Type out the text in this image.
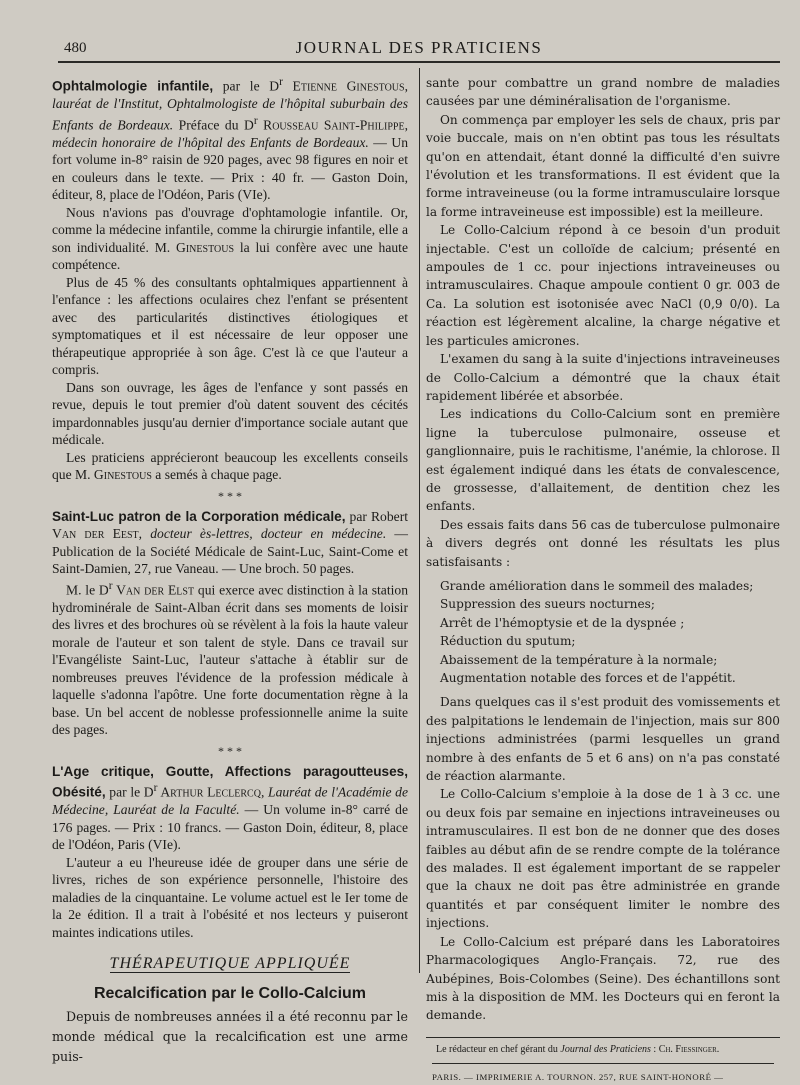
480	JOURNAL DES PRATICIENS

Ophtalmologie infantile, par le $D^r$ Etienne Ginestous, lauréat de l'Institut, Ophtalmologiste de l'hôpital suburbain des Enfants de Bordeaux. Préface du $D^r$ Rousseau Saint-Philippe, médecin honoraire de l'hôpital des Enfants de Bordeaux. — Un fort volume in-8° raisin de 920 pages, avec 98 figures en noir et en couleurs dans le texte. — Prix : 40 fr. — Gaston Doin, éditeur, 8, place de l'Odéon, Paris (VIe).

Nous n'avions pas d'ouvrage d'ophtamologie infantile. Or, comme la médecine infantile, comme la chirurgie infantile, elle a son individualité. M. Ginestous la lui confère avec une haute compétence.

Plus de 45 % des consultants ophtalmiques appartiennent à l'enfance : les affections oculaires chez l'enfant se présentent avec des particularités distinctives étiologiques et symptomatiques et il est nécessaire de leur opposer une thérapeutique appropriée à son âge. C'est là ce que l'auteur a compris.

Dans son ouvrage, les âges de l'enfance y sont passés en revue, depuis le tout premier d'où datent souvent des cécités impardonnables jusqu'au dernier d'importance sociale autant que médicale.

Les praticiens apprécieront beaucoup les excellents conseils que M. Ginestous a semés à chaque page.

* * *

Saint-Luc patron de la Corporation médicale, par Robert Van der Eest, docteur ès-lettres, docteur en médecine. — Publication de la Société Médicale de Saint-Luc, Saint-Come et Saint-Damien, 27, rue Vaneau. — Une broch. 50 pages.

M. le $D^r$ Van der Elst qui exerce avec distinction à la station hydrominérale de Saint-Alban écrit dans ses moments de loisir des livres et des brochures où se révèlent à la fois la haute valeur morale de l'auteur et son talent de style. Dans ce travail sur l'Evangéliste Saint-Luc, l'auteur s'attache à établir sur de nombreuses preuves l'évidence de la profession médicale à laquelle s'adonna l'apôtre. Une forte documentation règne à la base. Un bel accent de noblesse professionnelle anime la suite des pages.

* * *

L'Age critique, Goutte, Affections paragoutteuses, Obésité, par le $D^r$ Arthur Leclercq, Lauréat de l'Académie de Médecine, Lauréat de la Faculté. — Un volume in-8° carré de 176 pages. — Prix : 10 francs. — Gaston Doin, éditeur, 8, place de l'Odéon, Paris (VIe).

L'auteur a eu l'heureuse idée de grouper dans une série de livres, riches de son expérience personnelle, l'histoire des maladies de la cinquantaine. Le volume actuel est le Ier tome de la 2e édition. Il a trait à l'obésité et nos lecteurs y puiseront maintes indications utiles.

THÉRAPEUTIQUE APPLIQUÉE
Recalcification par le Collo-Calcium

Depuis de nombreuses années il a été reconnu par le monde médical que la recalcification est une arme puis-

sante pour combattre un grand nombre de maladies causées par une déminéralisation de l'organisme.

On commença par employer les sels de chaux, pris par voie buccale, mais on n'en obtint pas tous les résultats qu'on en attendait, étant donné la difficulté d'en suivre l'évolution et les transformations. Il est évident que la forme intraveineuse (ou la forme intramusculaire lorsque la forme intraveineuse est impossible) est la meilleure.

Le Collo-Calcium répond à ce besoin d'un produit injectable. C'est un colloïde de calcium; présenté en ampoules de 1 cc. pour injections intraveineuses ou intramusculaires. Chaque ampoule contient 0 gr. 003 de Ca. La solution est isotonisée avec NaCl (0,9 0/0). La réaction est légèrement alcaline, la charge négative et les particules amicrones.

L'examen du sang à la suite d'injections intraveineuses de Collo-Calcium a démontré que la chaux était rapidement libérée et absorbée.

Les indications du Collo-Calcium sont en première ligne la tuberculose pulmonaire, osseuse et ganglionnaire, puis le rachitisme, l'anémie, la chlorose. Il est également indiqué dans les états de convalescence, de grossesse, d'allaitement, de dentition chez les enfants.

Des essais faits dans 56 cas de tuberculose pulmonaire à divers degrés ont donné les résultats les plus satisfaisants :

Grande amélioration dans le sommeil des malades;
Suppression des sueurs nocturnes;
Arrêt de l'hémoptysie et de la dyspnée ;
Réduction du sputum;
Abaissement de la température à la normale;
Augmentation notable des forces et de l'appétit.

Dans quelques cas il s'est produit des vomissements et des palpitations le lendemain de l'injection, mais sur 800 injections administrées (parmi lesquelles un grand nombre à des enfants de 5 et 6 ans) on n'a pas constaté de réaction alarmante.

Le Collo-Calcium s'emploie à la dose de 1 à 3 cc. une ou deux fois par semaine en injections intraveineuses ou intramusculaires. Il est bon de ne donner que des doses faibles au début afin de se rendre compte de la tolérance des malades. Il est également important de se rappeler que la chaux ne doit pas être administrée en grande quantités et par conséquent limiter le nombre des injections.

Le Collo-Calcium est préparé dans les Laboratoires Pharmacologiques Anglo-Français. 72, rue des Aubépines, Bois-Colombes (Seine). Des échantillons sont mis à la disposition de MM. les Docteurs qui en feront la demande.

Le rédacteur en chef gérant du Journal des Praticiens : Ch. Fiessinger.
PARIS. — IMPRIMERIE A. TOURNON. 257, RUE SAINT-HONORÉ —
